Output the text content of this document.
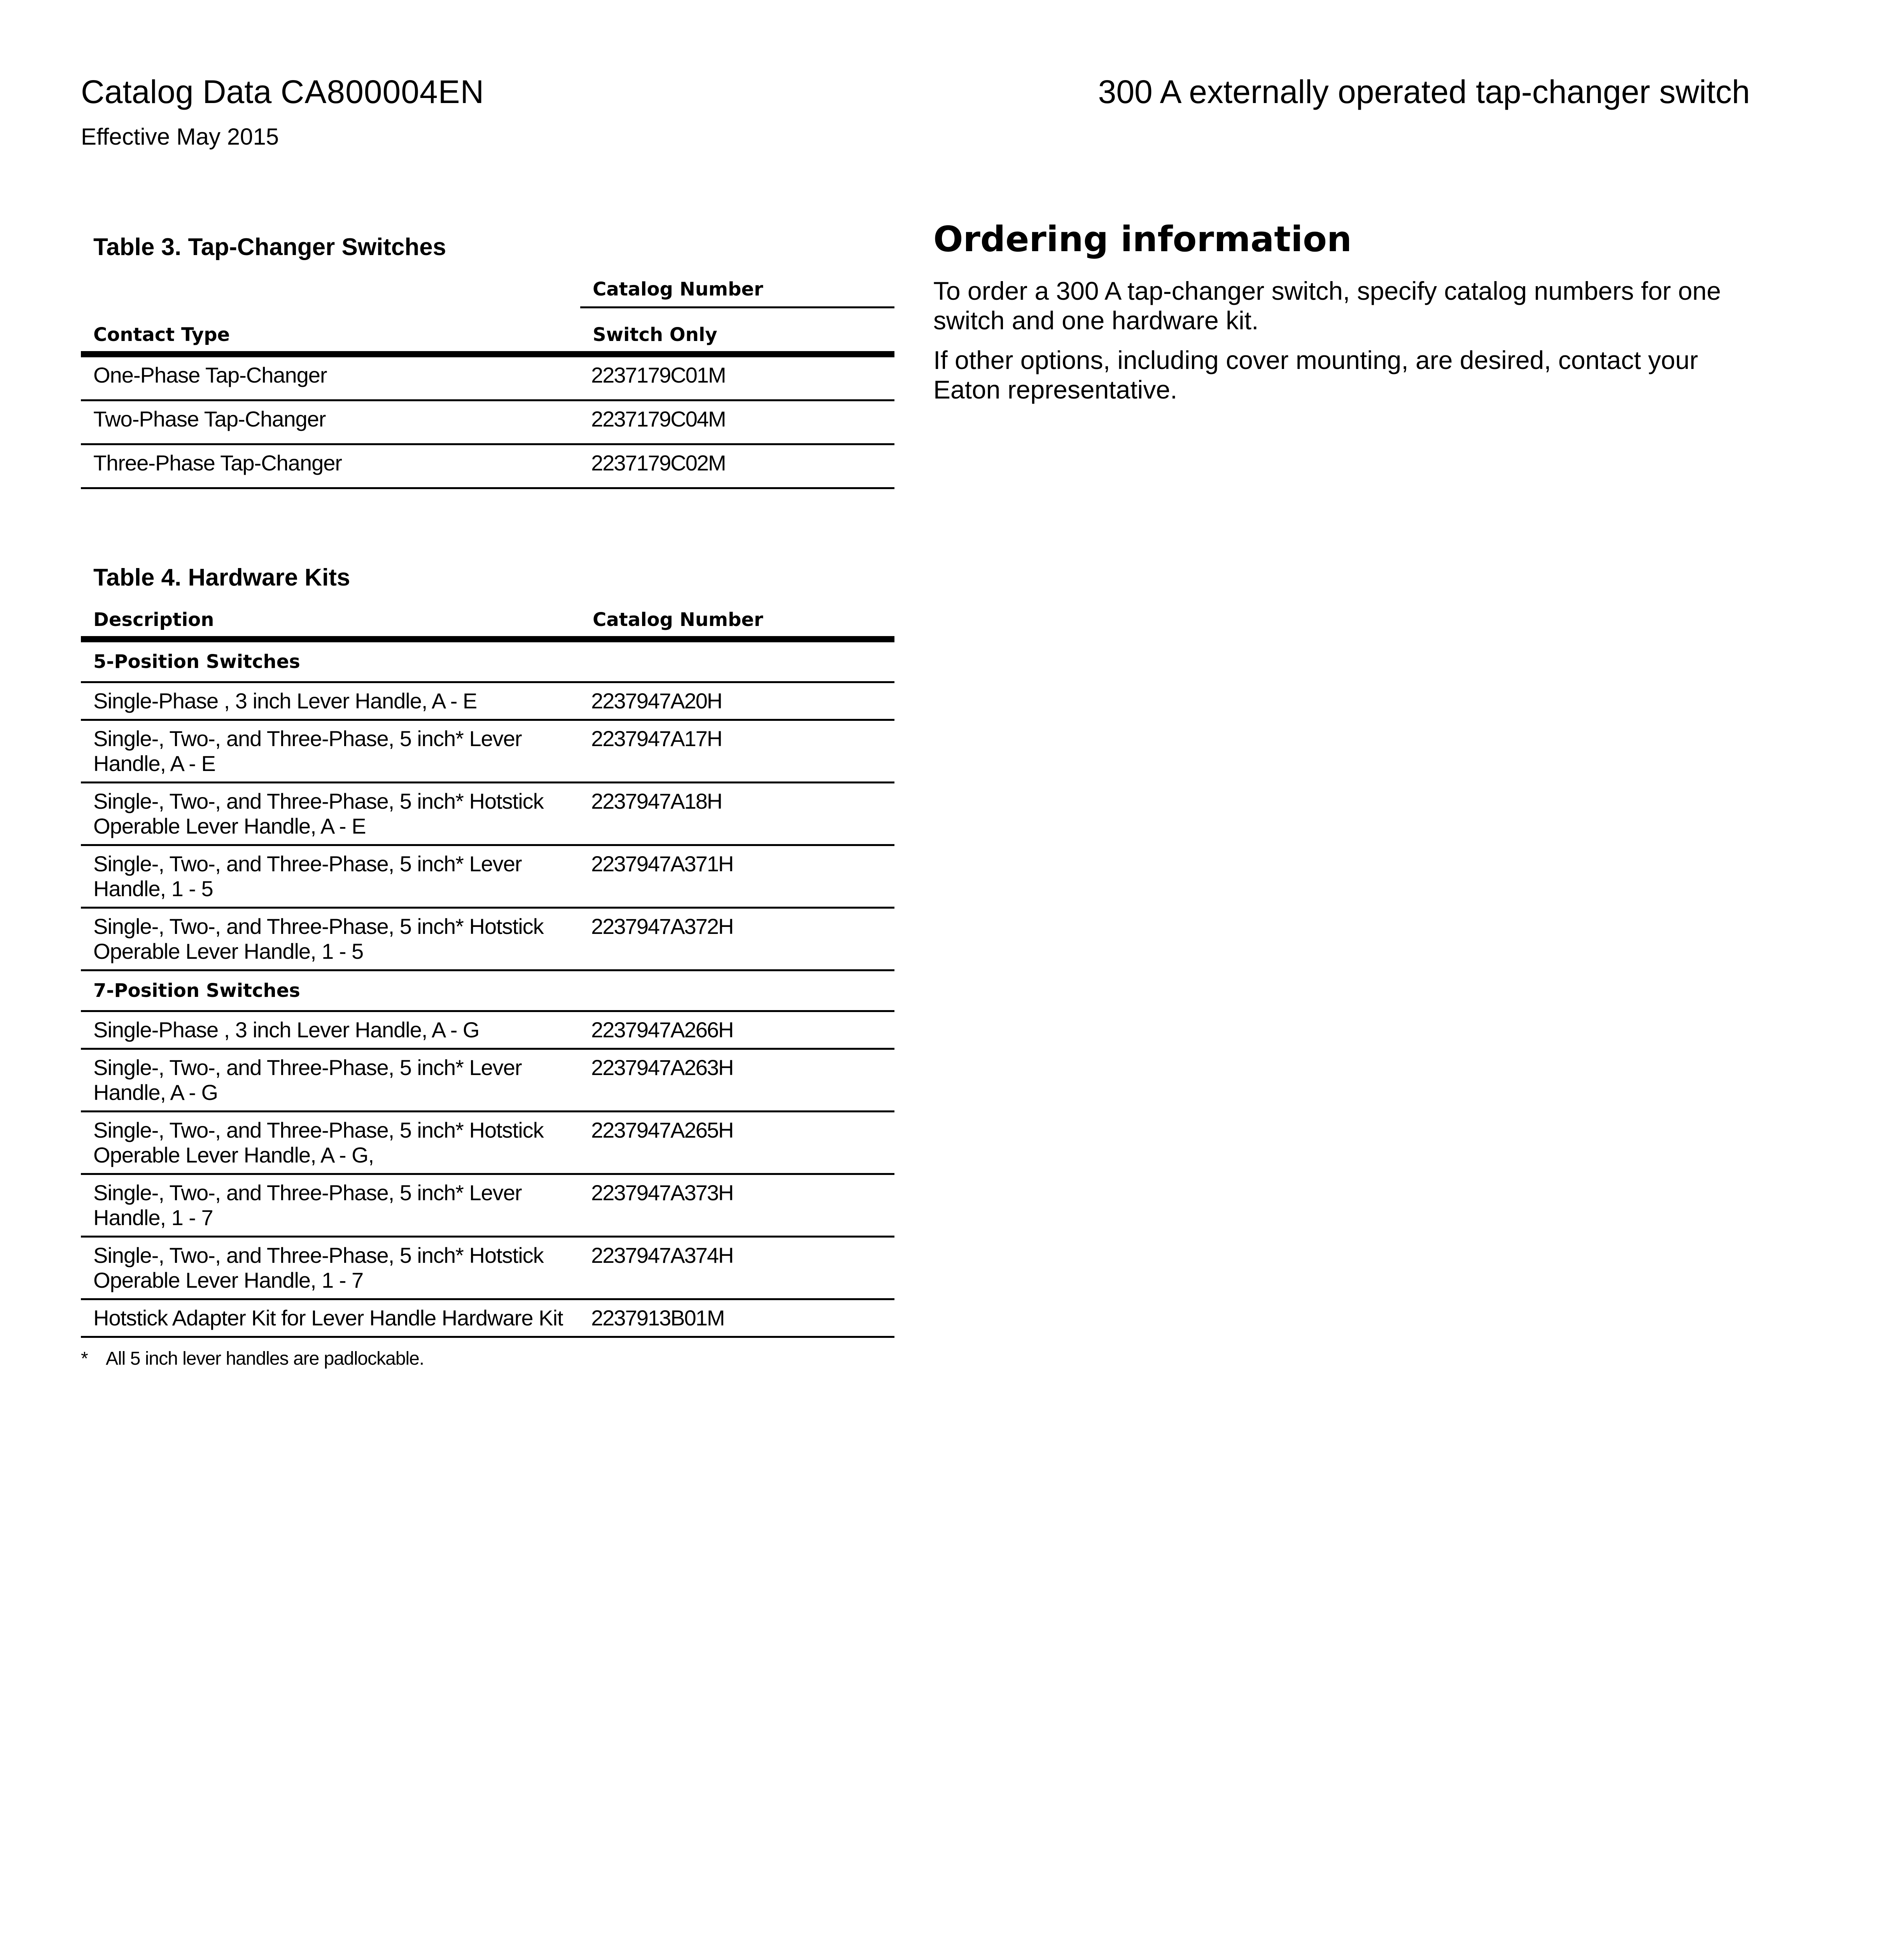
Catalog Data CA800004EN
Effective May 2015
300 A externally operated tap-changer switch
Table 3. Tap-Changer Switches
	Catalog Number
Contact Type	Switch Only
One-Phase Tap-Changer	2237179C01M
Two-Phase Tap-Changer	2237179C04M
Three-Phase Tap-Changer	2237179C02M
Table 4. Hardware Kits
Description	Catalog Number
5-Position Switches	
Single-Phase , 3 inch Lever Handle, A - E	2237947A20H
Single-, Two-, and Three-Phase, 5 inch* Lever Handle, A - E	2237947A17H
Single-, Two-, and Three-Phase, 5 inch* Hotstick Operable Lever Handle, A - E	2237947A18H
Single-, Two-, and Three-Phase, 5 inch* Lever Handle, 1 - 5	2237947A371H
Single-, Two-, and Three-Phase, 5 inch* Hotstick Operable Lever Handle, 1 - 5	2237947A372H
7-Position Switches	
Single-Phase , 3 inch Lever Handle, A - G	2237947A266H
Single-, Two-, and Three-Phase, 5 inch* Lever Handle, A - G	2237947A263H
Single-, Two-, and Three-Phase, 5 inch* Hotstick Operable Lever Handle, A - G,	2237947A265H
Single-, Two-, and Three-Phase, 5 inch* Lever Handle, 1 - 7	2237947A373H
Single-, Two-, and Three-Phase, 5 inch* Hotstick Operable Lever Handle, 1 - 7	2237947A374H
Hotstick Adapter Kit for Lever Handle Hardware Kit	2237913B01M
* All 5 inch lever handles are padlockable.
Ordering information

To order a 300 A tap-changer switch, specify catalog numbers for one switch and one hardware kit.

If other options, including cover mounting, are desired, contact your Eaton representative.
